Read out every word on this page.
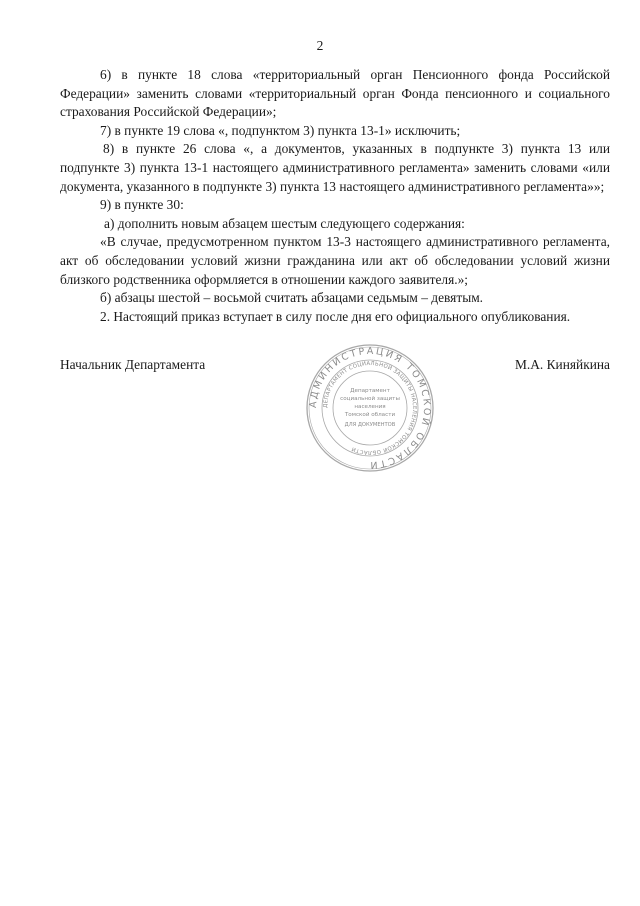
2

6) в пункте 18 слова «территориальный орган Пенсионного фонда Российской Федерации» заменить словами «территориальный орган Фонда пенсионного и социального страхования Российской Федерации»;

7) в пункте 19 слова «, подпунктом 3) пункта 13-1» исключить;

8) в пункте 26 слова «, а документов, указанных в подпункте 3) пункта 13 или подпункте 3) пункта 13-1 настоящего административного регламента» заменить словами «или документа, указанного в подпункте 3) пункта 13 настоящего административного регламента»»;

9) в пункте 30:

а) дополнить новым абзацем шестым следующего содержания:

«В случае, предусмотренном пунктом 13-3 настоящего административного регламента, акт об обследовании условий жизни гражданина или акт об обследовании условий жизни близкого родственника оформляется в отношении каждого заявителя.»;

б) абзацы шестой – восьмой считать абзацами седьмым – девятым.

2. Настоящий приказ вступает в силу после дня его официального опубликования.

Начальник Департамента	М.А. Киняйкина
АДМИНИСТРАЦИЯ ТОМСКОЙ ОБЛАСТИ
ДЕПАРТАМЕНТ СОЦИАЛЬНОЙ ЗАЩИТЫ НАСЕЛЕНИЯ ТОМСКОЙ ОБЛАСТИ
Департамент
социальной защиты
населения
Томской области
ДЛЯ ДОКУМЕНТОВ
